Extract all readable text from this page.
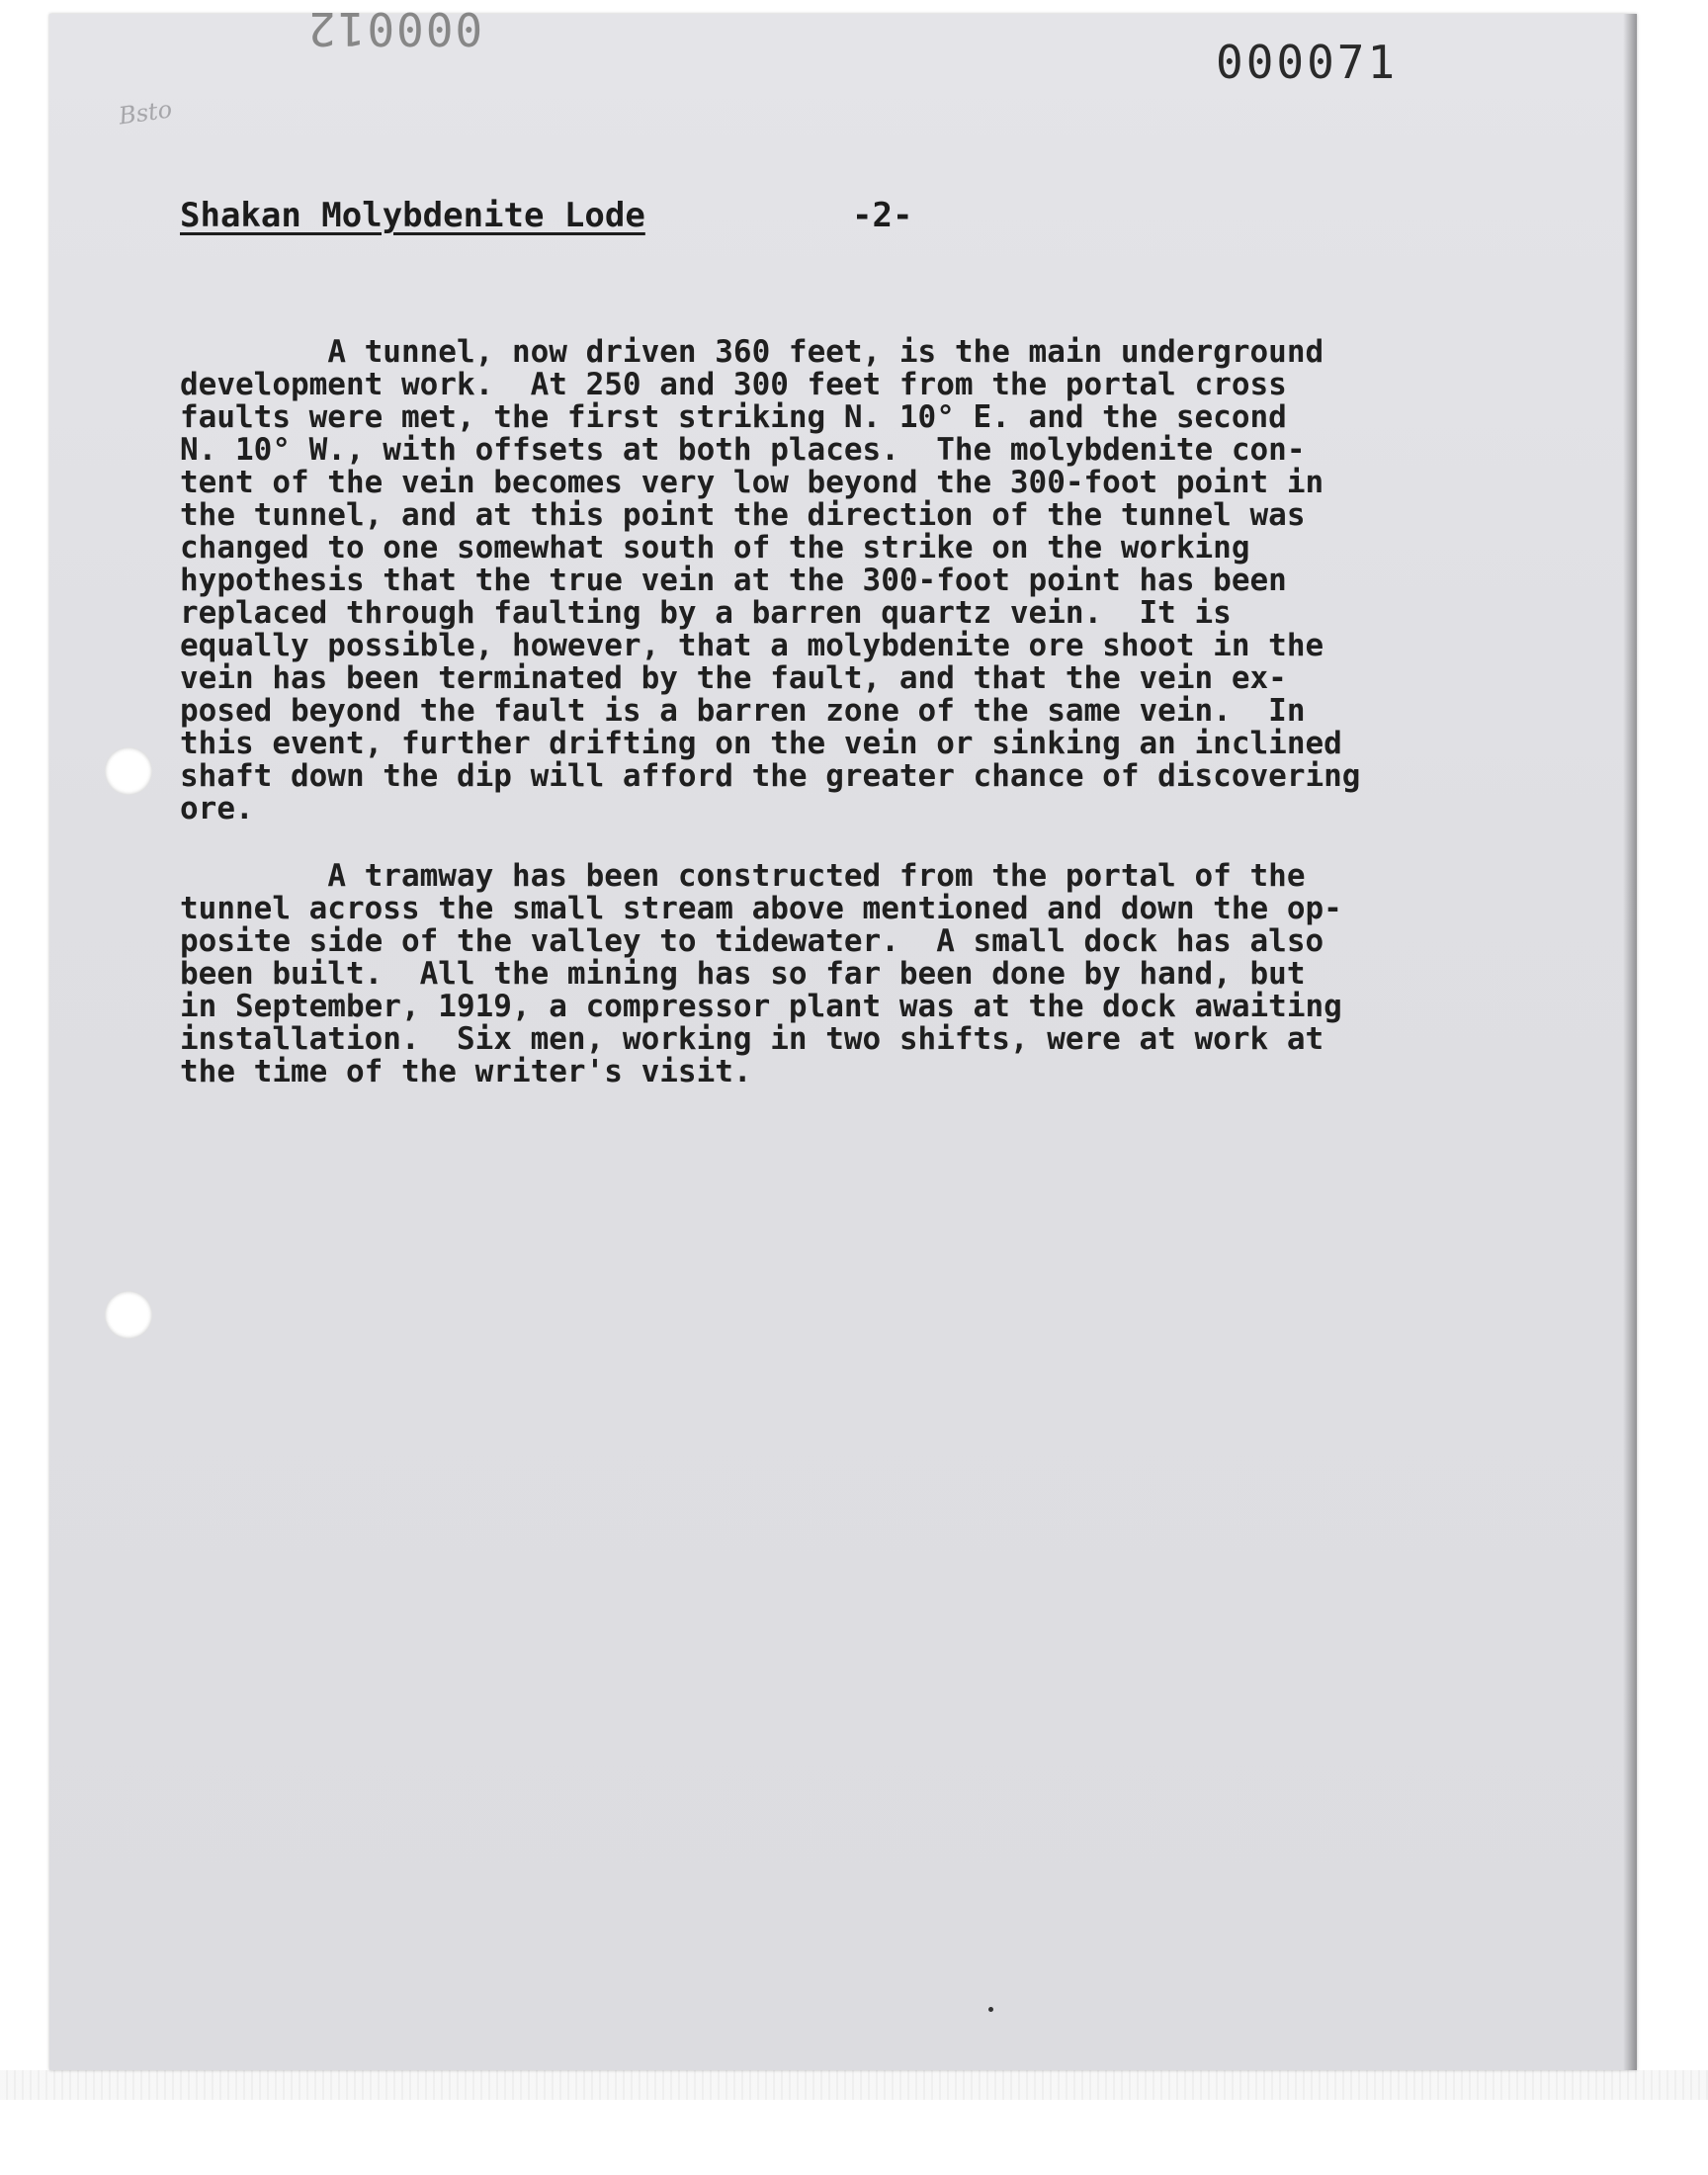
000012
000071
Bsto
Shakan Molybdenite Lode	-2-

A tunnel, now driven 360 feet, is the main underground
development work.  At 250 and 300 feet from the portal cross
faults were met, the first striking N. 10° E. and the second
N. 10° W., with offsets at both places.  The molybdenite con-
tent of the vein becomes very low beyond the 300-foot point in
the tunnel, and at this point the direction of the tunnel was
changed to one somewhat south of the strike on the working
hypothesis that the true vein at the 300-foot point has been
replaced through faulting by a barren quartz vein.  It is
equally possible, however, that a molybdenite ore shoot in the
vein has been terminated by the fault, and that the vein ex-
posed beyond the fault is a barren zone of the same vein.  In
this event, further drifting on the vein or sinking an inclined
shaft down the dip will afford the greater chance of discovering
ore.

A tramway has been constructed from the portal of the
tunnel across the small stream above mentioned and down the op-
posite side of the valley to tidewater.  A small dock has also
been built.  All the mining has so far been done by hand, but
in September, 1919, a compressor plant was at the dock awaiting
installation.  Six men, working in two shifts, were at work at
the time of the writer's visit.
